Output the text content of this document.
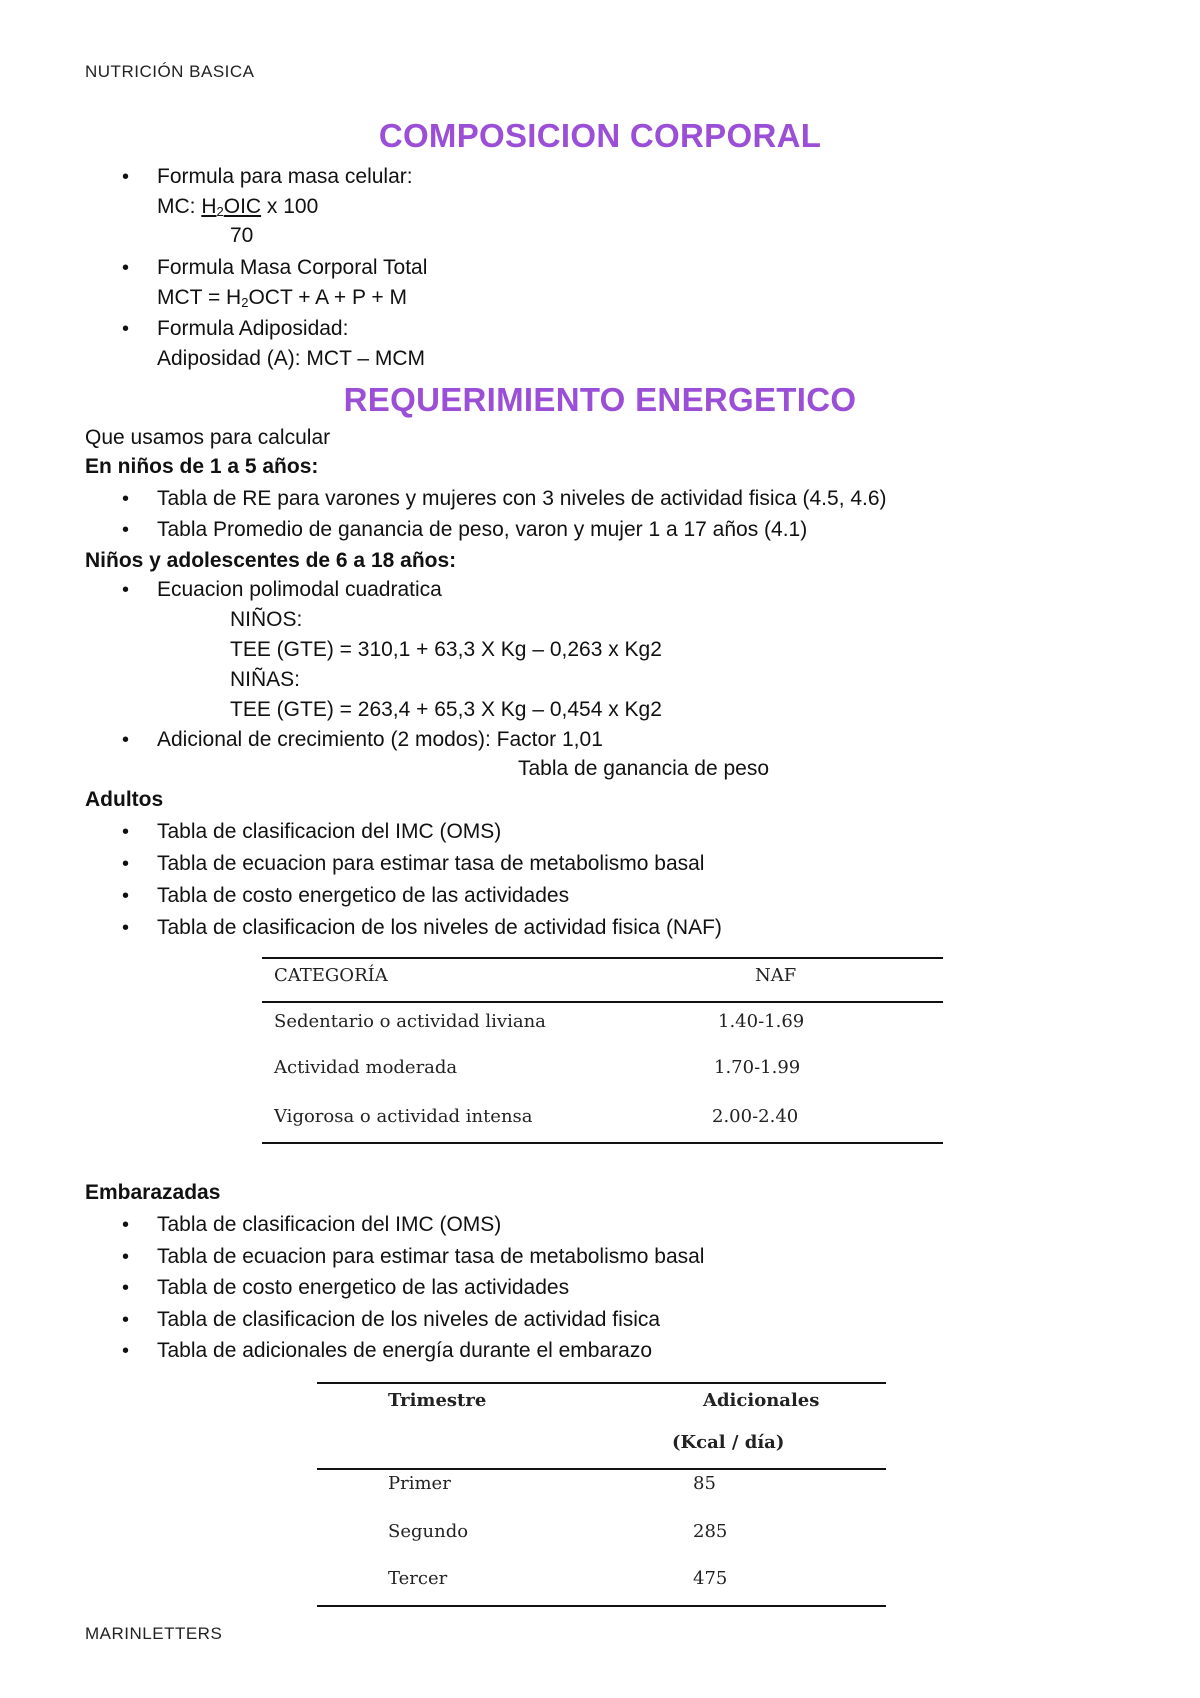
NUTRICIÓN BASICA
COMPOSICION CORPORAL
• Formula para masa celular:
MC: $H_2OIC$ x 100
70
• Formula Masa Corporal Total
MCT = $H_2OCT + A + P + M$
• Formula Adiposidad:
Adiposidad (A): MCT – MCM
REQUERIMIENTO ENERGETICO
Que usamos para calcular
En niños de 1 a 5 años:
• Tabla de RE para varones y mujeres con 3 niveles de actividad fisica (4.5, 4.6)
• Tabla Promedio de ganancia de peso, varon y mujer 1 a 17 años (4.1)
Niños y adolescentes de 6 a 18 años:
• Ecuacion polimodal cuadratica
NIÑOS:
TEE (GTE) = 310,1 + 63,3 X Kg – 0,263 x Kg2
NIÑAS:
TEE (GTE) = 263,4 + 65,3 X Kg – 0,454 x Kg2
• Adicional de crecimiento (2 modos): Factor 1,01
Tabla de ganancia de peso
Adultos
• Tabla de clasificacion del IMC (OMS)
• Tabla de ecuacion para estimar tasa de metabolismo basal
• Tabla de costo energetico de las actividades
• Tabla de clasificacion de los niveles de actividad fisica (NAF)
CATEGORÍA	NAF
Sedentario o actividad liviana	1.40-1.69
Actividad moderada	1.70-1.99
Vigorosa o actividad intensa	2.00-2.40
Embarazadas
• Tabla de clasificacion del IMC (OMS)
• Tabla de ecuacion para estimar tasa de metabolismo basal
• Tabla de costo energetico de las actividades
• Tabla de clasificacion de los niveles de actividad fisica
• Tabla de adicionales de energía durante el embarazo
Trimestre	Adicionales
(Kcal / día)
Primer	85
Segundo	285
Tercer	475
MARINLETTERS
